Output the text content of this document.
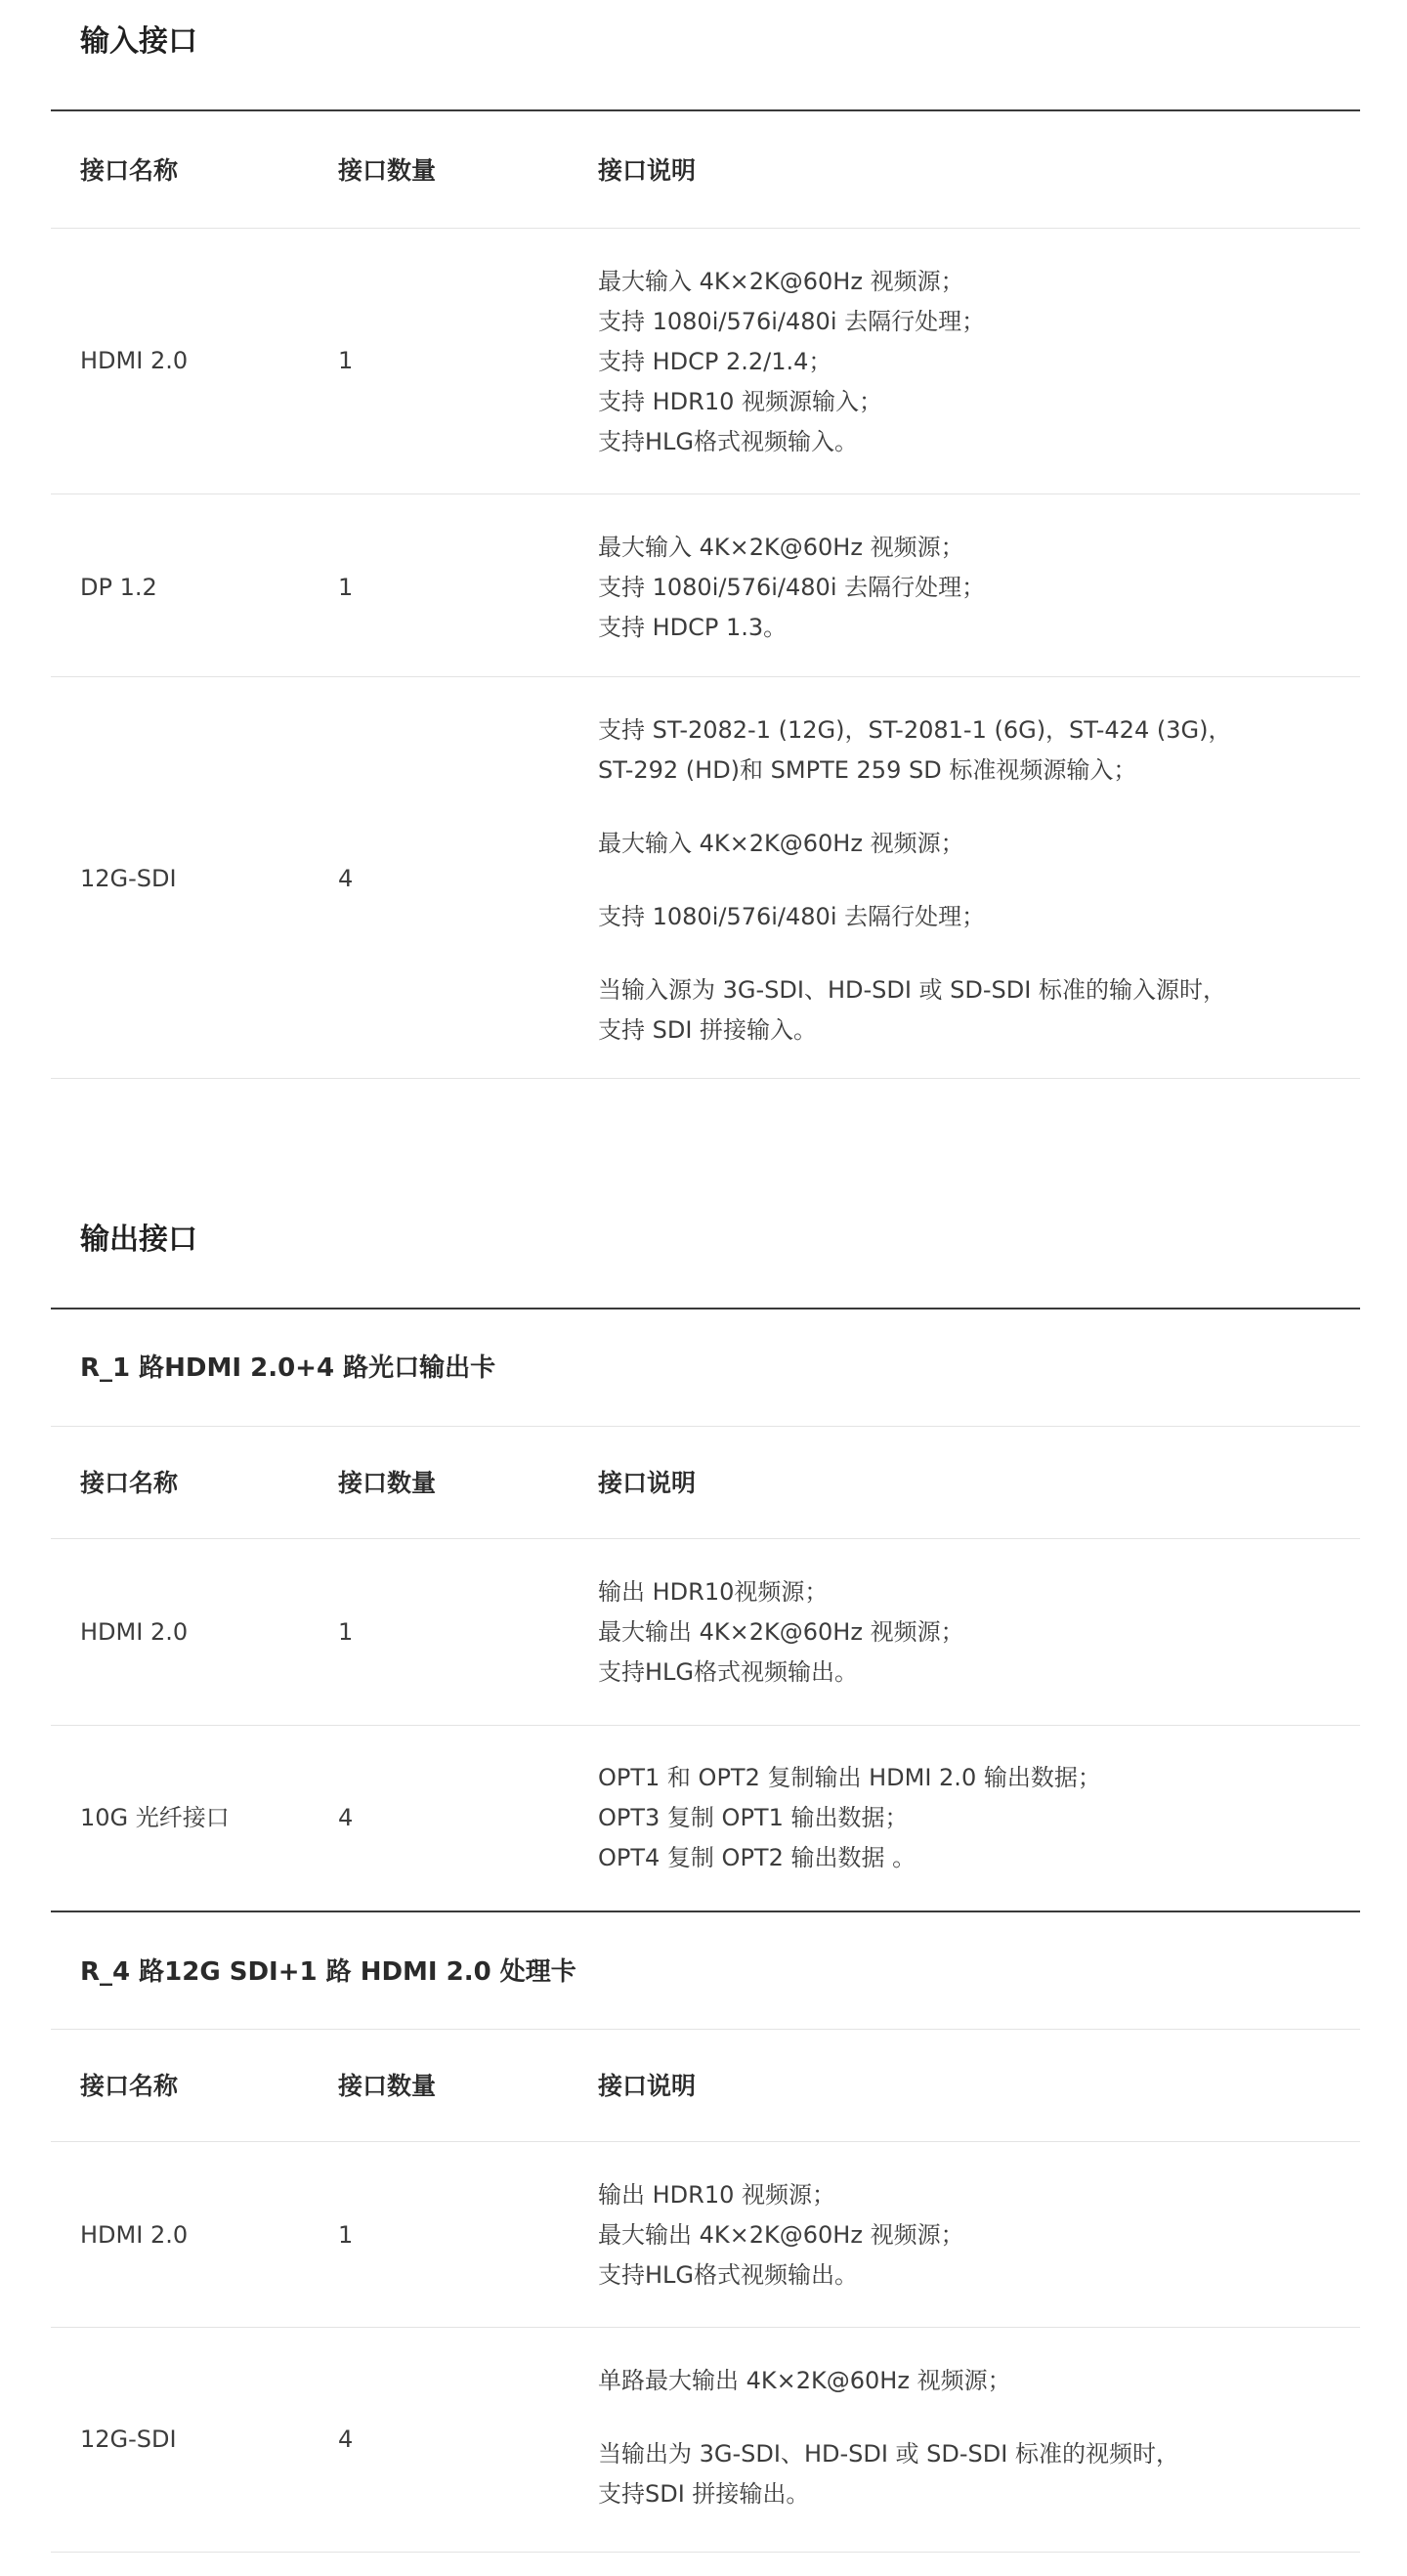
输入接口
接口名称	接口数量	接口说明
HDMI 2.0	1

最大输入 4K×2K@60Hz 视频源；

支持 1080i/576i/480i 去隔行处理；

支持 HDCP 2.2/1.4；

支持 HDR10 视频源输入；

支持HLG格式视频输入。

DP 1.2	1

最大输入 4K×2K@60Hz 视频源；

支持 1080i/576i/480i 去隔行处理；

支持 HDCP 1.3。

12G-SDI	4

支持 ST-2082-1 (12G)，ST-2081-1 (6G)，ST-424 (3G)，

ST-292 (HD)和 SMPTE 259 SD 标准视频源输入；

最大输入 4K×2K@60Hz 视频源；

支持 1080i/576i/480i 去隔行处理；

当输入源为 3G-SDI、HD-SDI 或 SD-SDI 标准的输入源时，

支持 SDI 拼接输入。

输出接口
R_1 路HDMI 2.0+4 路光口输出卡
接口名称	接口数量	接口说明
HDMI 2.0	1

输出 HDR10视频源；

最大输出 4K×2K@60Hz 视频源；

支持HLG格式视频输出。

10G 光纤接口	4

OPT1 和 OPT2 复制输出 HDMI 2.0 输出数据；

OPT3 复制 OPT1 输出数据；

OPT4 复制 OPT2 输出数据 。

R_4 路12G SDI+1 路 HDMI 2.0 处理卡
接口名称	接口数量	接口说明
HDMI 2.0	1

输出 HDR10 视频源；

最大输出 4K×2K@60Hz 视频源；

支持HLG格式视频输出。

12G-SDI	4

单路最大输出 4K×2K@60Hz 视频源；

当输出为 3G-SDI、HD-SDI 或 SD-SDI 标准的视频时，

支持SDI 拼接输出。
